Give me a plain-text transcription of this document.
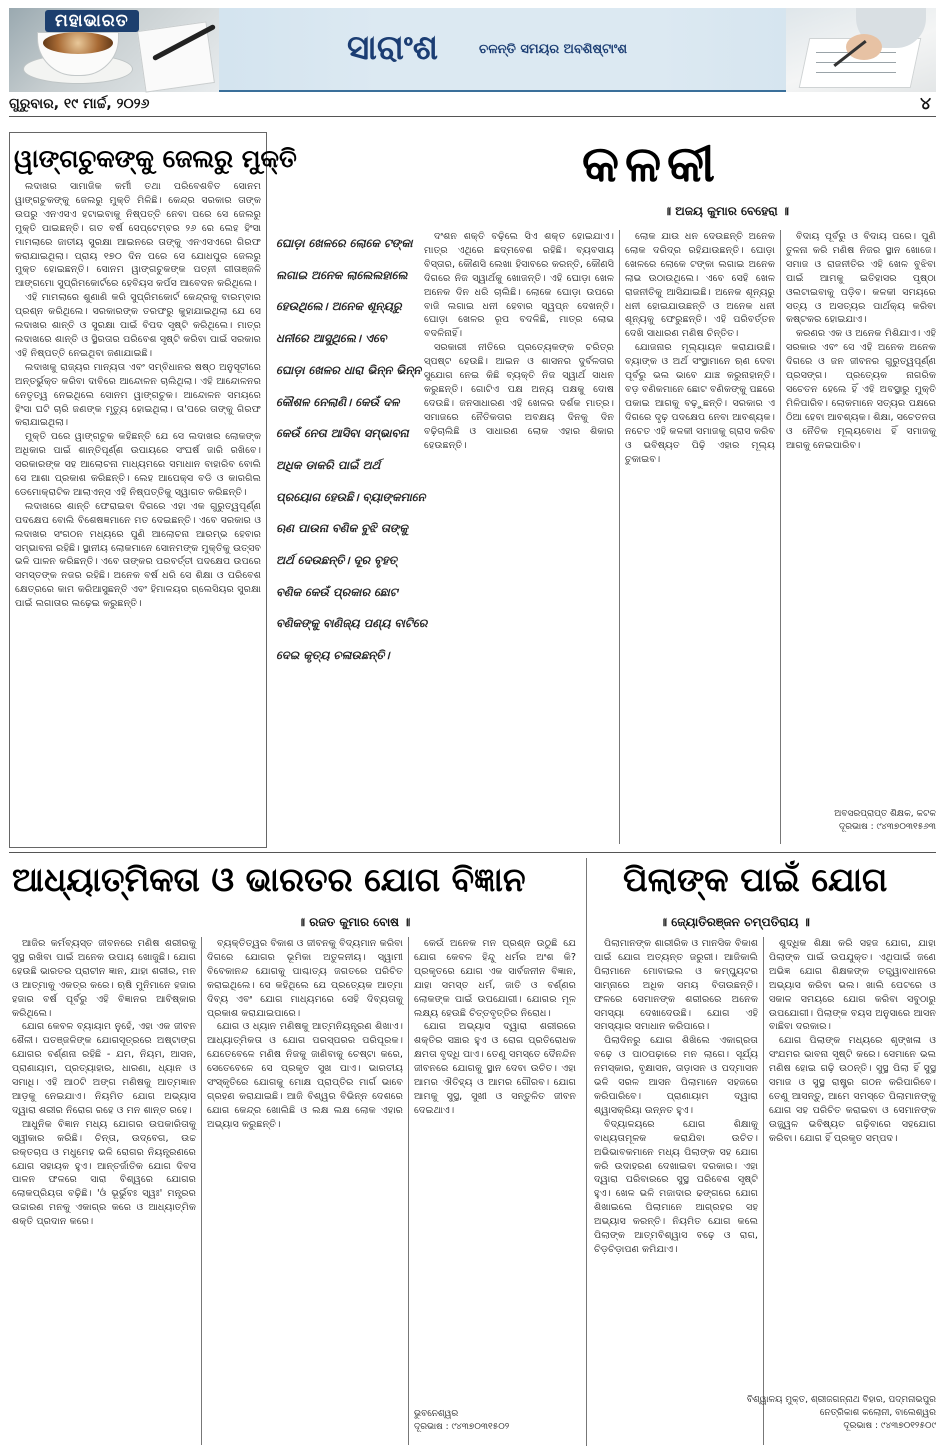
ମହାଭାରତ
ସାରାଂଶ	ଚଳନ୍ତି ସମୟର ଅବଶିଷ୍ଟାଂଶ
ଗୁରୁବାର, ୧୯ ମାର୍ଚ୍ଚ, ୨୦୨୬	୪
ୱାଙ୍ଗଚୁକଙ୍କୁ ଜେଲରୁ ମୁକ୍ତି

ଲଦାଖର ସାମାଜିକ କର୍ମୀ ତଥା ପରିବେଶବିତ ସୋନମ ୱାଙ୍ଗଚୁକଙ୍କୁ ଜେଲରୁ ମୁକ୍ତି ମିଳିଛି। କେନ୍ଦ୍ର ସରକାର ତାଙ୍କ ଉପରୁ ଏନଏସଏ ହଟାଇବାକୁ ନିଷ୍ପତ୍ତି ନେବା ପରେ ସେ ଜେଲରୁ ମୁକ୍ତି ପାଇଛନ୍ତି। ଗତ ବର୍ଷ ସେପ୍ଟେମ୍ବର ୨୬ ରେ ଲେହ ହିଂସା ମାମଲାରେ ଜାତୀୟ ସୁରକ୍ଷା ଆଇନରେ ତାଙ୍କୁ ଏନଏସଏରେ ଗିରଫ କରାଯାଇଥିଲା। ପ୍ରାୟ ୧୭୦ ଦିନ ପରେ ସେ ଯୋଧପୁର ଜେଲରୁ ମୁକ୍ତ ହୋଇଛନ୍ତି। ସୋନମ ୱାଙ୍ଗଚୁକଙ୍କ ପତ୍ନୀ ଗୀତାଞ୍ଜଳି ଆଙ୍ଗମୋ ସୁପ୍ରିମକୋର୍ଟରେ ହେବିୟସ କର୍ପସ ଆବେଦନ କରିଥିଲେ।

ଏହି ମାମଲାରେ ଶୁଣାଣି କରି ସୁପ୍ରିମକୋର୍ଟ କେନ୍ଦ୍ରକୁ ବାରମ୍ବାର ପ୍ରଶ୍ନ କରିଥିଲେ। ସରକାରଙ୍କ ତରଫରୁ କୁହାଯାଇଥିଲା ଯେ ସେ ଲଦାଖର ଶାନ୍ତି ଓ ସୁରକ୍ଷା ପାଇଁ ବିପଦ ସୃଷ୍ଟି କରିଥିଲେ। ମାତ୍ର ଲଦାଖରେ ଶାନ୍ତି ଓ ସ୍ଥିରତାର ପରିବେଶ ସୃଷ୍ଟି କରିବା ପାଇଁ ସରକାର ଏହି ନିଷ୍ପତ୍ତି ନେଇଥିବା ଜଣାଯାଇଛି।

ଲଦାଖକୁ ରାଜ୍ୟର ମାନ୍ୟତା ଏବଂ ସମ୍ବିଧାନର ଷଷ୍ଠ ଅନୁସୂଚୀରେ ଅନ୍ତର୍ଭୁକ୍ତ କରିବା ଦାବିରେ ଆନ୍ଦୋଳନ ଚାଲିଥିଲା। ଏହି ଆନ୍ଦୋଳନର ନେତୃତ୍ୱ ନେଇଥିଲେ ସୋନମ ୱାଙ୍ଗଚୁକ। ଆନ୍ଦୋଳନ ସମୟରେ ହିଂସା ଘଟି ଚାରି ଜଣଙ୍କ ମୃତ୍ୟୁ ହୋଇଥିଲା। ତା'ପରେ ତାଙ୍କୁ ଗିରଫ କରାଯାଇଥିଲା।

ମୁକ୍ତି ପରେ ୱାଙ୍ଗଚୁକ କହିଛନ୍ତି ଯେ ସେ ଲଦାଖର ଲୋକଙ୍କ ଅଧିକାର ପାଇଁ ଶାନ୍ତିପୂର୍ଣ୍ଣ ଉପାୟରେ ସଂଘର୍ଷ ଜାରି ରଖିବେ। ସରକାରଙ୍କ ସହ ଆଲୋଚନା ମାଧ୍ୟମରେ ସମାଧାନ ବାହାରିବ ବୋଲି ସେ ଆଶା ପ୍ରକାଶ କରିଛନ୍ତି। ଲେହ ଆପେକ୍ସ ବଡି ଓ କାରଗିଲ ଡେମୋକ୍ରାଟିକ ଆଲାଏନ୍ସ ଏହି ନିଷ୍ପତ୍ତିକୁ ସ୍ୱାଗତ କରିଛନ୍ତି।

ଲଦାଖରେ ଶାନ୍ତି ଫେରାଇବା ଦିଗରେ ଏହା ଏକ ଗୁରୁତ୍ୱପୂର୍ଣ୍ଣ ପଦକ୍ଷେପ ବୋଲି ବିଶେଷଜ୍ଞମାନେ ମତ ଦେଇଛନ୍ତି। ଏବେ ସରକାର ଓ ଲଦାଖର ସଂଗଠନ ମଧ୍ୟରେ ପୁଣି ଆଲୋଚନା ଆରମ୍ଭ ହେବାର ସମ୍ଭାବନା ରହିଛି। ସ୍ଥାନୀୟ ଲୋକମାନେ ସୋନମଙ୍କ ମୁକ୍ତିକୁ ଉତ୍ସବ ଭଳି ପାଳନ କରିଛନ୍ତି। ଏବେ ତାଙ୍କର ପରବର୍ତ୍ତୀ ପଦକ୍ଷେପ ଉପରେ ସମସ୍ତଙ୍କ ନଜର ରହିଛି। ଅନେକ ବର୍ଷ ଧରି ସେ ଶିକ୍ଷା ଓ ପରିବେଶ କ୍ଷେତ୍ରରେ କାମ କରିଆସୁଛନ୍ତି ଏବଂ ହିମାଳୟର ଗ୍ଲେସିୟର ସୁରକ୍ଷା ପାଇଁ ଲଗାତାର ଲଢ଼େଇ କରୁଛନ୍ତି।

କଳକୀ
॥ ଅଜୟ କୁମାର ବେହେରା ॥
ଘୋଡ଼ା ଖେଳରେ ଲୋକେ ଟଙ୍କା
ଲଗାଇ ଅନେକ ଲାଲେଲହାଲେ
ହେଉଥିଲେ। ଅନେକ ଶୂନ୍ୟରୁ
ଧନୀରେ ଆସୁଥିଲେ। ଏବେ
ଘୋଡ଼ା ଖେଳର ଧାରା ଭିନ୍ନ ଭିନ୍ନ
କୌଶଳ ନେଲାଣି। କେଉଁ ଦଳ
କେଉଁ ନେତା ଆସିବା ସମ୍ଭାବନା
ଅଧିକ ଡାକରି ପାଇଁ ଅର୍ଥ
ପ୍ରୟୋଗ ହେଉଛି। ବ୍ୟାଙ୍କମାନେ
ଋଣ ପାଉନା ବଣିକ ବୁଝି ତାଙ୍କୁ
ଅର୍ଥ ଦେଉଛନ୍ତି। ଦୂର ବୃହତ୍
ବଣିକ କେଉଁ ପ୍ରକାର ଛୋଟ
ବଣିକଙ୍କୁ ବାଣିଜ୍ୟ ପଣ୍ୟ ବାଟିରେ
ଦେଇ କୃତ୍ୟ ଚଳାଉଛନ୍ତି।

ଦଂଶନ ଶକ୍ତି ବଢ଼ିଲେ ସିଏ ଶକ୍ତ ହୋଇଯାଏ। ମାତ୍ର ଏଥିରେ ଛଦ୍ମବେଶ ରହିଛି। ବ୍ୟବସାୟ ବିସ୍ତାର, କୌଣସି ଲେଖା ହିସାବରେ କରନ୍ତି, କୌଣସି ଦିଗରେ ନିଜ ସ୍ୱାର୍ଥକୁ ଖୋଜନ୍ତି। ଏହି ଘୋଡ଼ା ଖେଳ ଅନେକ ଦିନ ଧରି ଚାଲିଛି। ଲୋକେ ଘୋଡ଼ା ଉପରେ ବାଜି ଲଗାଇ ଧନୀ ହେବାର ସ୍ୱପ୍ନ ଦେଖନ୍ତି। ଘୋଡ଼ା ଖେଳର ରୂପ ବଦଳିଛି, ମାତ୍ର ଲୋଭ ବଦଳିନାହିଁ।

ସରକାରୀ ନୀତିରେ ପ୍ରତ୍ୟେକଙ୍କ ଚରିତ୍ର ସ୍ପଷ୍ଟ ହେଉଛି। ଆଇନ ଓ ଶାସନର ଦୁର୍ବଳତାର ସୁଯୋଗ ନେଇ କିଛି ବ୍ୟକ୍ତି ନିଜ ସ୍ୱାର୍ଥ ସାଧନ କରୁଛନ୍ତି। ଗୋଟିଏ ପକ୍ଷ ଅନ୍ୟ ପକ୍ଷକୁ ଦୋଷ ଦେଉଛି। ଜନସାଧାରଣ ଏହି ଖେଳର ଦର୍ଶକ ମାତ୍ର। ସମାଜରେ ନୈତିକତାର ଅବକ୍ଷୟ ଦିନକୁ ଦିନ ବଢ଼ିଚାଲିଛି ଓ ସାଧାରଣ ଲୋକ ଏହାର ଶିକାର ହେଉଛନ୍ତି।

ଲୋକ ଯାଉ ଧନ ଦେଉଛନ୍ତି ଅନେକ ଲୋକ ଦରିଦ୍ର ରହିଯାଉଛନ୍ତି। ଘୋଡ଼ା ଖେଳରେ ଲୋକେ ଟଙ୍କା ଲଗାଇ ଅନେକ ଲାଭ ଉଠାଉଥିଲେ। ଏବେ ସେହି ଖେଳ ରାଜନୀତିକୁ ଆସିଯାଇଛି। ଅନେକ ଶୂନ୍ୟରୁ ଧନୀ ହୋଇଯାଉଛନ୍ତି ଓ ଅନେକ ଧନୀ ଶୂନ୍ୟକୁ ଫେରୁଛନ୍ତି। ଏହି ପରିବର୍ତ୍ତନ ଦେଖି ସାଧାରଣ ମଣିଷ ଚିନ୍ତିତ।

ଯୋଜନାର ମୂଲ୍ୟାୟନ କରାଯାଉଛି। ବ୍ୟାଙ୍କ ଓ ଅର୍ଥ ସଂସ୍ଥାମାନେ ଋଣ ଦେବା ପୂର୍ବରୁ ଭଲ ଭାବେ ଯାଞ୍ଚ କରୁନାହାନ୍ତି। ବଡ଼ ବଣିକମାନେ ଛୋଟ ବଣିକଙ୍କୁ ପଛରେ ପକାଇ ଆଗକୁ ବଢ଼ୁଛନ୍ତି। ସରକାର ଏ ଦିଗରେ ଦୃଢ଼ ପଦକ୍ଷେପ ନେବା ଆବଶ୍ୟକ। ନଚେତ ଏହି କଳକୀ ସମାଜକୁ ଗ୍ରାସ କରିବ ଓ ଭବିଷ୍ୟତ ପିଢ଼ି ଏହାର ମୂଲ୍ୟ ଚୁକାଇବ।

ବିଦାୟ ପୂର୍ବରୁ ଓ ବିଦାୟ ପରେ। ପୁଣି ତୁଳନା କରି ମଣିଷ ନିଜର ସ୍ଥାନ ଖୋଜେ। ସମାଜ ଓ ରାଜନୀତିର ଏହି ଖେଳ ବୁଝିବା ପାଇଁ ଆମକୁ ଇତିହାସର ପୃଷ୍ଠା ଓଲଟାଇବାକୁ ପଡ଼ିବ। କଳକୀ ସମୟରେ ସତ୍ୟ ଓ ଅସତ୍ୟର ପାର୍ଥକ୍ୟ କରିବା କଷ୍ଟକର ହୋଇଯାଏ।

କରଣର ଏକ ଓ ଅନେକ ମିଶିଯାଏ। ଏହି ସରକାର ଏବଂ ସେ ଏହି ଅନେକ ଅନେକ ଦିଗରେ ଓ ଜନ ଜୀବନର ଗୁରୁତ୍ୱପୂର୍ଣ୍ଣ ପ୍ରସଙ୍ଗ। ପ୍ରତ୍ୟେକ ନାଗରିକ ସଚେତନ ହେଲେ ହିଁ ଏହି ଅବସ୍ଥାରୁ ମୁକ୍ତି ମିଳିପାରିବ। ଲୋକମାନେ ସତ୍ୟର ପକ୍ଷରେ ଠିଆ ହେବା ଆବଶ୍ୟକ। ଶିକ୍ଷା, ସଚେତନତା ଓ ନୈତିକ ମୂଲ୍ୟବୋଧ ହିଁ ସମାଜକୁ ଆଗକୁ ନେଇପାରିବ।

ଅବସରପ୍ରାପ୍ତ ଶିକ୍ଷକ, କଟକ
ଦୂରଭାଷ : ୯୪୩୭୦୩୧୫୬୩
ଆଧ୍ୟାତ୍ମିକତା ଓ ଭାରତର ଯୋଗ ବିଜ୍ଞାନ
॥ ରଜତ କୁମାର ବୋଷ ॥

ଆଜିର କର୍ମବ୍ୟସ୍ତ ଜୀବନରେ ମଣିଷ ଶରୀରକୁ ସୁସ୍ଥ ରଖିବା ପାଇଁ ଅନେକ ଉପାୟ ଖୋଜୁଛି। ଯୋଗ ହେଉଛି ଭାରତର ପ୍ରାଚୀନ ଜ୍ଞାନ, ଯାହା ଶରୀର, ମନ ଓ ଆତ୍ମାକୁ ଏକତ୍ର କରେ। ଋଷି ମୁନିମାନେ ହଜାର ହଜାର ବର୍ଷ ପୂର୍ବରୁ ଏହି ବିଜ୍ଞାନର ଆବିଷ୍କାର କରିଥିଲେ।

ଯୋଗ କେବଳ ବ୍ୟାୟାମ ନୁହେଁ, ଏହା ଏକ ଜୀବନ ଶୈଳୀ। ପତଞ୍ଜଳିଙ୍କ ଯୋଗସୂତ୍ରରେ ଅଷ୍ଟାଙ୍ଗ ଯୋଗର ବର୍ଣ୍ଣନା ରହିଛି - ଯମ, ନିୟମ, ଆସନ, ପ୍ରାଣାୟାମ, ପ୍ରତ୍ୟାହାର, ଧାରଣା, ଧ୍ୟାନ ଓ ସମାଧି। ଏହି ଆଠଟି ଅଙ୍ଗ ମଣିଷକୁ ଆତ୍ମଜ୍ଞାନ ଆଡ଼କୁ ନେଇଯାଏ। ନିୟମିତ ଯୋଗ ଅଭ୍ୟାସ ଦ୍ୱାରା ଶରୀର ନିରୋଗ ରହେ ଓ ମନ ଶାନ୍ତ ରହେ।

ଆଧୁନିକ ବିଜ୍ଞାନ ମଧ୍ୟ ଯୋଗର ଉପକାରିତାକୁ ସ୍ୱୀକାର କରିଛି। ଚିନ୍ତା, ଉଦ୍‌ବେଗ, ଉଚ୍ଚ ରକ୍ତଚାପ ଓ ମଧୁମେହ ଭଳି ରୋଗର ନିୟନ୍ତ୍ରଣରେ ଯୋଗ ସହାୟକ ହୁଏ। ଆନ୍ତର୍ଜାତିକ ଯୋଗ ଦିବସ ପାଳନ ଫଳରେ ସାରା ବିଶ୍ୱରେ ଯୋଗର ଲୋକପ୍ରିୟତା ବଢ଼ିଛି। 'ଓଁ ଭୂର୍ଭୁବଃ ସ୍ୱଃ' ମନ୍ତ୍ରର ଉଚ୍ଚାରଣ ମନକୁ ଏକାଗ୍ର କରେ ଓ ଆଧ୍ୟାତ୍ମିକ ଶକ୍ତି ପ୍ରଦାନ କରେ।

ବ୍ୟକ୍ତିତ୍ୱର ବିକାଶ ଓ ଜୀବନକୁ ବିଦ୍ୟମାନ କରିବା ଦିଗରେ ଯୋଗର ଭୂମିକା ଅତୁଳନୀୟ। ସ୍ୱାମୀ ବିବେକାନନ୍ଦ ଯୋଗକୁ ପାଶ୍ଚାତ୍ୟ ଜଗତରେ ପରିଚିତ କରାଇଥିଲେ। ସେ କହିଥିଲେ ଯେ ପ୍ରତ୍ୟେକ ଆତ୍ମା ଦିବ୍ୟ ଏବଂ ଯୋଗ ମାଧ୍ୟମରେ ସେହି ଦିବ୍ୟତାକୁ ପ୍ରକାଶ କରାଯାଇପାରେ।

ଯୋଗ ଓ ଧ୍ୟାନ ମଣିଷକୁ ଆତ୍ମନିୟନ୍ତ୍ରଣ ଶିଖାଏ। ଆଧ୍ୟାତ୍ମିକତା ଓ ଯୋଗ ପରସ୍ପରର ପରିପୂରକ। ଯେତେବେଳେ ମଣିଷ ନିଜକୁ ଜାଣିବାକୁ ଚେଷ୍ଟା କରେ, ସେତେବେଳେ ସେ ପ୍ରକୃତ ସୁଖ ପାଏ। ଭାରତୀୟ ସଂସ୍କୃତିରେ ଯୋଗକୁ ମୋକ୍ଷ ପ୍ରାପ୍ତିର ମାର୍ଗ ଭାବେ ଗ୍ରହଣ କରାଯାଇଛି। ଆଜି ବିଶ୍ୱର ବିଭିନ୍ନ ଦେଶରେ ଯୋଗ କେନ୍ଦ୍ର ଖୋଲିଛି ଓ ଲକ୍ଷ ଲକ୍ଷ ଲୋକ ଏହାର ଅଭ୍ୟାସ କରୁଛନ୍ତି।

କେଉଁ ଅନେକ ମନ ପ୍ରଶ୍ନ ଉଠୁଛି ଯେ ଯୋଗ କେବଳ ହିନ୍ଦୁ ଧର୍ମର ଅଂଶ କି? ପ୍ରକୃତରେ ଯୋଗ ଏକ ସାର୍ବଜନୀନ ବିଜ୍ଞାନ, ଯାହା ସମସ୍ତ ଧର୍ମ, ଜାତି ଓ ବର୍ଣ୍ଣର ଲୋକଙ୍କ ପାଇଁ ଉପଯୋଗୀ। ଯୋଗର ମୂଳ ଲକ୍ଷ୍ୟ ହେଉଛି ଚିତ୍ତବୃତ୍ତିର ନିରୋଧ।

ଯୋଗ ଅଭ୍ୟାସ ଦ୍ୱାରା ଶରୀରରେ ଶକ୍ତିର ସଞ୍ଚାର ହୁଏ ଓ ରୋଗ ପ୍ରତିରୋଧକ କ୍ଷମତା ବୃଦ୍ଧି ପାଏ। ତେଣୁ ସମସ୍ତେ ଦୈନନ୍ଦିନ ଜୀବନରେ ଯୋଗକୁ ସ୍ଥାନ ଦେବା ଉଚିତ। ଏହା ଆମର ଐତିହ୍ୟ ଓ ଆମର ଗୌରବ। ଯୋଗ ଆମକୁ ସୁସ୍ଥ, ସୁଖୀ ଓ ସନ୍ତୁଳିତ ଜୀବନ ଦେଇଥାଏ।

ଭୁବନେଶ୍ୱର
ଦୂରଭାଷ : ୯୪୩୭୦୩୧୫୦୨
ପିଲାଙ୍କ ପାଇଁ ଯୋଗ
॥ ଜ୍ୟୋତିରଞ୍ଜନ ଚମ୍ପତିରାୟ ॥

ପିଲାମାନଙ୍କ ଶାରୀରିକ ଓ ମାନସିକ ବିକାଶ ପାଇଁ ଯୋଗ ଅତ୍ୟନ୍ତ ଜରୁରୀ। ଆଜିକାଲି ପିଲାମାନେ ମୋବାଇଲ ଓ କମ୍ପ୍ୟୁଟର ସାମ୍ନାରେ ଅଧିକ ସମୟ ବିତାଉଛନ୍ତି। ଫଳରେ ସେମାନଙ୍କ ଶରୀରରେ ଅନେକ ସମସ୍ୟା ଦେଖାଦେଉଛି। ଯୋଗ ଏହି ସମସ୍ୟାର ସମାଧାନ କରିପାରେ।

ପିଲାଦିନରୁ ଯୋଗ ଶିଖିଲେ ଏକାଗ୍ରତା ବଢ଼େ ଓ ପାଠପଢ଼ାରେ ମନ ଲାଗେ। ସୂର୍ଯ୍ୟ ନମସ୍କାର, ବୃକ୍ଷାସନ, ତାଡ଼ାସନ ଓ ପଦ୍ମାସନ ଭଳି ସରଳ ଆସନ ପିଲାମାନେ ସହଜରେ କରିପାରିବେ। ପ୍ରାଣାୟାମ ଦ୍ୱାରା ଶ୍ୱାସକ୍ରିୟା ଉନ୍ନତ ହୁଏ।

ବିଦ୍ୟାଳୟରେ ଯୋଗ ଶିକ୍ଷାକୁ ବାଧ୍ୟତାମୂଳକ କରାଯିବା ଉଚିତ। ଅଭିଭାବକମାନେ ମଧ୍ୟ ପିଲାଙ୍କ ସହ ଯୋଗ କରି ଉଦାହରଣ ଦେଖାଇବା ଦରକାର। ଏହା ଦ୍ୱାରା ପରିବାରରେ ସୁସ୍ଥ ପରିବେଶ ସୃଷ୍ଟି ହୁଏ। ଖେଳ ଭଳି ମଜାଦାର ଢଙ୍ଗରେ ଯୋଗ ଶିଖାଇଲେ ପିଲାମାନେ ଆଗ୍ରହର ସହ ଅଭ୍ୟାସ କରନ୍ତି। ନିୟମିତ ଯୋଗ କଲେ ପିଲାଙ୍କ ଆତ୍ମବିଶ୍ୱାସ ବଢ଼େ ଓ ରାଗ, ଚିଡ଼ଚିଡ଼ାପଣ କମିଯାଏ।

ଶୁଦ୍ଧିକ ଶିକ୍ଷା କରି ସହଜ ଯୋଗ, ଯାହା ପିଲାଙ୍କ ପାଇଁ ଉପଯୁକ୍ତ। ଏଥିପାଇଁ ଜଣେ ଅଭିଜ୍ଞ ଯୋଗ ଶିକ୍ଷକଙ୍କ ତତ୍ତ୍ୱାବଧାନରେ ଅଭ୍ୟାସ କରିବା ଭଲ। ଖାଲି ପେଟରେ ଓ ସକାଳ ସମୟରେ ଯୋଗ କରିବା ସବୁଠାରୁ ଉପଯୋଗୀ। ପିଲାଙ୍କ ବୟସ ଅନୁସାରେ ଆସନ ବାଛିବା ଦରକାର।

ଯୋଗ ପିଲାଙ୍କ ମଧ୍ୟରେ ଶୃଙ୍ଖଳା ଓ ସଂଯମର ଭାବନା ସୃଷ୍ଟି କରେ। ସେମାନେ ଭଲ ମଣିଷ ହୋଇ ଗଢ଼ି ଉଠନ୍ତି। ସୁସ୍ଥ ପିଲା ହିଁ ସୁସ୍ଥ ସମାଜ ଓ ସୁସ୍ଥ ରାଷ୍ଟ୍ର ଗଠନ କରିପାରିବେ। ତେଣୁ ଆସନ୍ତୁ, ଆମେ ସମସ୍ତେ ପିଲାମାନଙ୍କୁ ଯୋଗ ସହ ପରିଚିତ କରାଇବା ଓ ସେମାନଙ୍କ ଉଜ୍ଜ୍ୱଳ ଭବିଷ୍ୟତ ଗଢ଼ିବାରେ ସହଯୋଗ କରିବା। ଯୋଗ ହିଁ ପ୍ରକୃତ ସମ୍ପଦ।

ବିଶ୍ୱାଳୟ ମୁକ୍ତ, ଶ୍ରୀଜଗନ୍ନାଥ ବିହାର, ପଦ୍ମନାଭପୁର
ନେତ୍ରିକାଶ କଲୋନୀ, ବାଲେଶ୍ୱର
ଦୂରଭାଷ : ୯୪୩୭୦୧୨୫୦୯
